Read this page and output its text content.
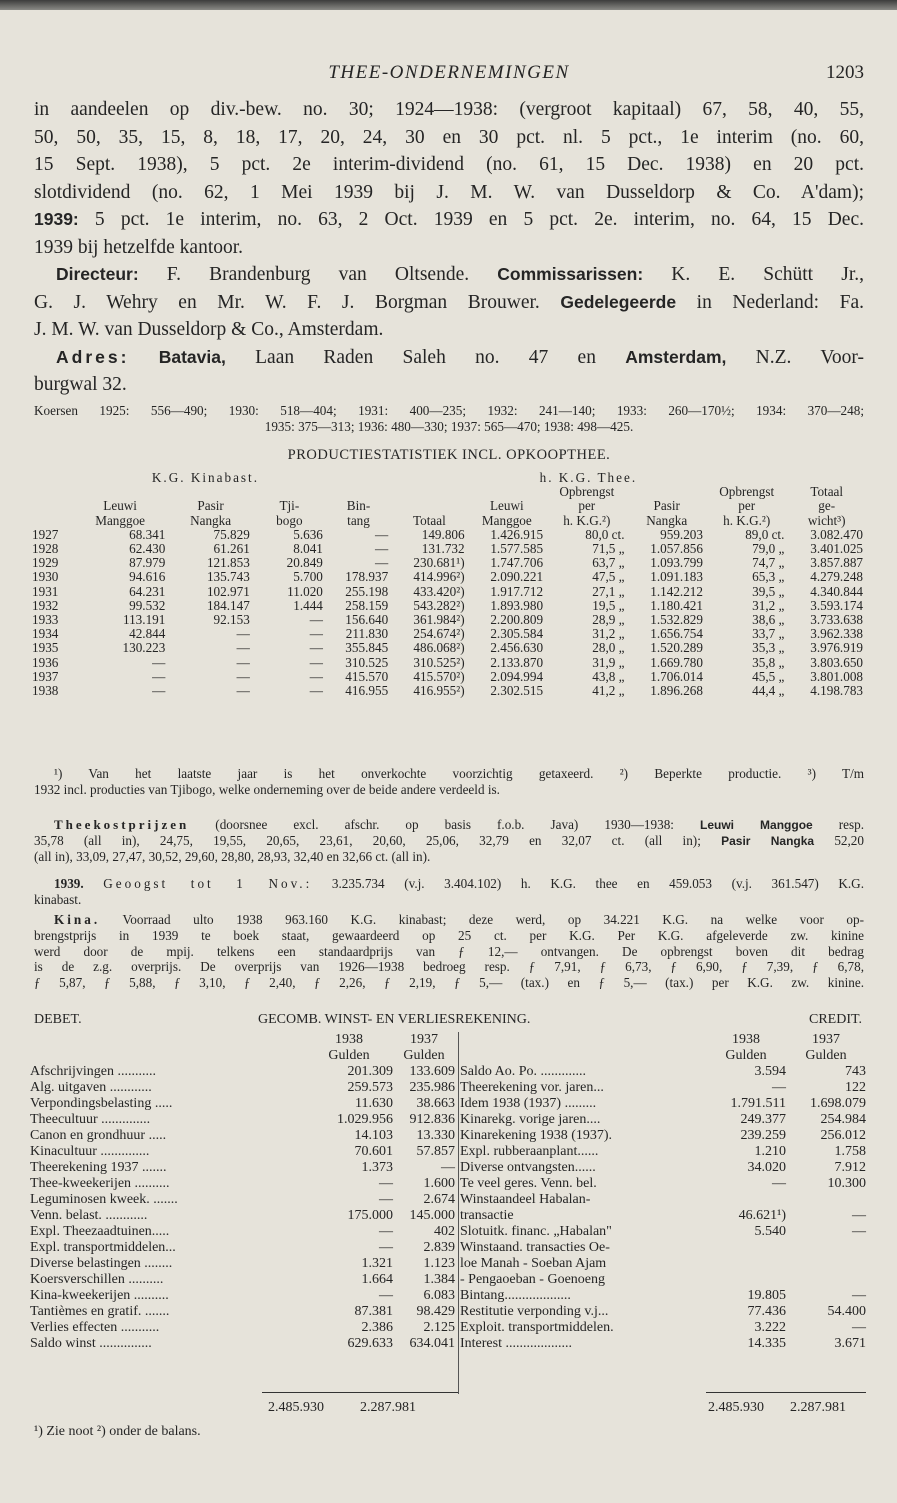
THEE-ONDERNEMINGEN	1203
in aandeelen op div.-bew. no. 30; 1924—1938: (vergroot kapitaal) 67, 58, 40, 55,
50, 50, 35, 15, 8, 18, 17, 20, 24, 30 en 30 pct. nl. 5 pct., 1e interim (no. 60,
15 Sept. 1938), 5 pct. 2e interim-dividend (no. 61, 15 Dec. 1938) en 20 pct.
slotdividend (no. 62, 1 Mei 1939 bij J. M. W. van Dusseldorp & Co. A'dam);
1939: 5 pct. 1e interim, no. 63, 2 Oct. 1939 en 5 pct. 2e. interim, no. 64, 15 Dec.
1939 bij hetzelfde kantoor.
Directeur: F. Brandenburg van Oltsende. Commissarissen: K. E. Schütt Jr.,
G. J. Wehry en Mr. W. F. J. Borgman Brouwer. Gedelegeerde in Nederland: Fa.
J. M. W. van Dusseldorp & Co., Amsterdam.
Adres: Batavia, Laan Raden Saleh no. 47 en Amsterdam, N.Z. Voor-
burgwal 32.
Koersen 1925: 556—490; 1930: 518—404; 1931: 400—235; 1932: 241—140; 1933: 260—170½; 1934: 370—248;
1935: 375—313; 1936: 480—330; 1937: 565—470; 1938: 498—425.
PRODUCTIESTATISTIEK INCL. OPKOOPTHEE.
	K.G. Kinabast.					h. K.G. Thee.				
							Opbrengst		Opbrengst	Totaal
	Leuwi	Pasir	Tji-	Bin-		Leuwi	per	Pasir	per	ge-
	Manggoe	Nangka	bogo	tang	Totaal	Manggoe	h. K.G.²)	Nangka	h. K.G.²)	wicht³)
1927	68.341	75.829	5.636	—	149.806	1.426.915	80,0 ct.	959.203	89,0 ct.	3.082.470
1928	62.430	61.261	8.041	—	131.732	1.577.585	71,5 „	1.057.856	79,0 „	3.401.025
1929	87.979	121.853	20.849	—	230.681¹)	1.747.706	63,7 „	1.093.799	74,7 „	3.857.887
1930	94.616	135.743	5.700	178.937	414.996²)	2.090.221	47,5 „	1.091.183	65,3 „	4.279.248
1931	64.231	102.971	11.020	255.198	433.420²)	1.917.712	27,1 „	1.142.212	39,5 „	4.340.844
1932	99.532	184.147	1.444	258.159	543.282²)	1.893.980	19,5 „	1.180.421	31,2 „	3.593.174
1933	113.191	92.153	—	156.640	361.984²)	2.200.809	28,9 „	1.532.829	38,6 „	3.733.638
1934	42.844	—	—	211.830	254.674²)	2.305.584	31,2 „	1.656.754	33,7 „	3.962.338
1935	130.223	—	—	355.845	486.068²)	2.456.630	28,0 „	1.520.289	35,3 „	3.976.919
1936	—	—	—	310.525	310.525²)	2.133.870	31,9 „	1.669.780	35,8 „	3.803.650
1937	—	—	—	415.570	415.570²)	2.094.994	43,8 „	1.706.014	45,5 „	3.801.008
1938	—	—	—	416.955	416.955²)	2.302.515	41,2 „	1.896.268	44,4 „	4.198.783
¹) Van het laatste jaar is het onverkochte voorzichtig getaxeerd. ²) Beperkte productie. ³) T/m
1932 incl. producties van Tjibogo, welke onderneming over de beide andere verdeeld is.
Theekostprijzen (doorsnee excl. afschr. op basis f.o.b. Java) 1930—1938: Leuwi Manggoe resp.
35,78 (all in), 24,75, 19,55, 20,65, 23,61, 20,60, 25,06, 32,79 en 32,07 ct. (all in); Pasir Nangka 52,20
(all in), 33,09, 27,47, 30,52, 29,60, 28,80, 28,93, 32,40 en 32,66 ct. (all in).
1939. Geoogst tot 1 Nov.: 3.235.734 (v.j. 3.404.102) h. K.G. thee en 459.053 (v.j. 361.547) K.G.
kinabast.
Kina. Voorraad ulto 1938 963.160 K.G. kinabast; deze werd, op 34.221 K.G. na welke voor op-
brengstprijs in 1939 te boek staat, gewaardeerd op 25 ct. per K.G. Per K.G. afgeleverde zw. kinine
werd door de mpij. telkens een standaardprijs van ƒ 12,— ontvangen. De opbrengst boven dit bedrag
is de z.g. overprijs. De overprijs van 1926—1938 bedroeg resp. ƒ 7,91, ƒ 6,73, ƒ 6,90, ƒ 7,39, ƒ 6,78,
ƒ 5,87, ƒ 5,88, ƒ 3,10, ƒ 2,40, ƒ 2,26, ƒ 2,19, ƒ 5,— (tax.) en ƒ 5,— (tax.) per K.G. zw. kinine.
DEBET.	GECOMB. WINST- EN VERLIESREKENING.	CREDIT.
1938	1937
Gulden	Gulden
Afschrijvingen ...........	201.309	133.609
Alg. uitgaven ............	259.573	235.986
Verpondingsbelasting .....	11.630	38.663
Theecultuur ..............	1.029.956	912.836
Canon en grondhuur .....	14.103	13.330
Kinacultuur ..............	70.601	57.857
Theerekening 1937 .......	1.373	—
Thee-kweekerijen ..........	—	1.600
Leguminosen kweek. .......	—	2.674
Venn. belast. ............	175.000	145.000
Expl. Theezaadtuinen.....	—	402
Expl. transportmiddelen...	—	2.839
Diverse belastingen ........	1.321	1.123
Koersverschillen ..........	1.664	1.384
Kina-kweekerijen ..........	—	6.083
Tantièmes en gratif. .......	87.381	98.429
Verlies effecten ...........	2.386	2.125
Saldo winst ...............	629.633	634.041
1938	1937
Gulden	Gulden
Saldo Ao. Po. .............	3.594	743
Theerekening vor. jaren...	—	122
Idem 1938 (1937) .........	1.791.511	1.698.079
Kinarekg. vorige jaren....	249.377	254.984
Kinarekening 1938 (1937).	239.259	256.012
Expl. rubberaanplant......	1.210	1.758
Diverse ontvangsten......	34.020	7.912
Te veel geres. Venn. bel.	—	10.300
Winstaandeel Habalan-
transactie	46.621¹)	—
Slotuitk. financ. „Habalan"	5.540	—
Winstaand. transacties Oe-
loe Manah - Soeban Ajam
- Pengaoeban - Goenoeng
Bintang...................	19.805	—
Restitutie verponding v.j...	77.436	54.400
Exploit. transportmiddelen.	3.222	—
Interest ...................	14.335	3.671
2.485.930	2.287.981	2.485.930 2.287.981
¹) Zie noot ²) onder de balans.
